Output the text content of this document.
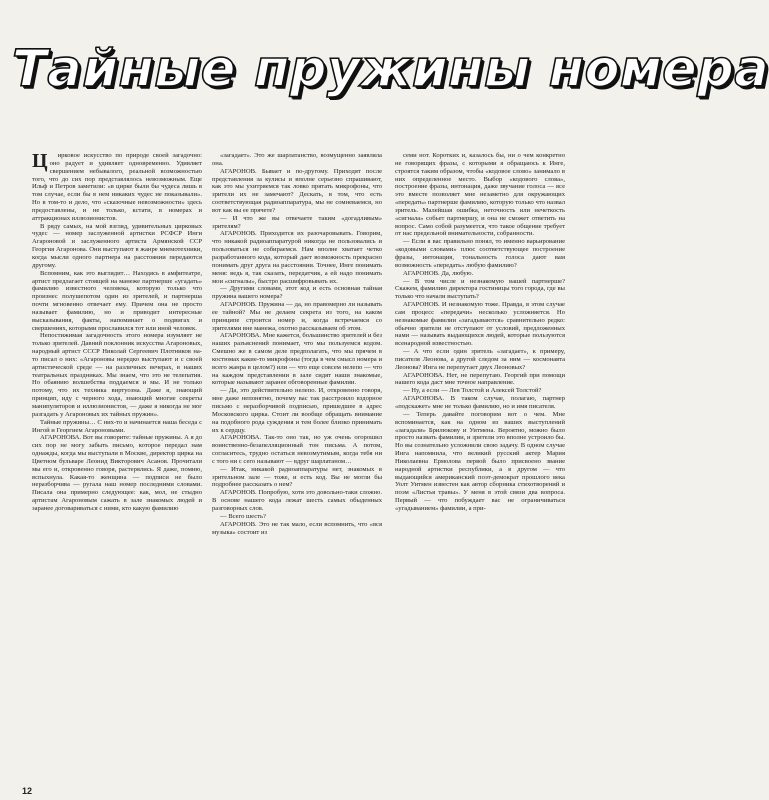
Тайные пружины номера

Ц ирковое искусство по природе своей загадочно: оно радует и удивляет одновременно. Удивляет свершением небывалого, реальной возможностью того, что до сих пор представлялось невозможным. Еще Ильф и Петров заметили: «в цирке были бы чудеса лишь в том случае, если бы в нем никаких чудес не показывали». Но в том-то и дело, что «сказочные невозможности» здесь предоставлены, и не только, кстати, в номерах и аттракционах иллюзионистов.

В ряду самых, на мой взгляд, удивительных цирковых чудес — номер заслуженной артистки РСФСР Инги Агароновой и заслуженного артиста Армянской ССР Георгия Агаронова. Они выступают в жанре мнемотехники, когда мысли одного партнера на расстоянии передаются другому.

Вспомним, как это выглядит… Находясь в амфитеатре, артист предлагает стоящей на манеже партнерше «угадать» фамилию известного человека, которую только что произнес полушепотом один из зрителей, и партнерша почти мгновенно отвечает ему. Причем она не просто называет фамилию, но и приводит интересные высказывания, факты, напоминает о подвигах и свершениях, которыми прославился тот или иной человек.

Непостижимая загадочность этого номера изумляет не только зрителей. Давний поклонник искусства Агароновых, народный артист СССР Николай Сергеевич Плотников на-то писал о них: «Агароновы нередко выступают и с своей артистической среде — на различных вечерах, в наших театральных праздниках. Мы знаем, что это не телепатия. Но обаянию волшебства поддаемся и мы. И не только потому, что их техника виртуозна. Даже я, знающий принцип, иду с черного хода, знающий многие секреты манипуляторов и иллюзионистов, — даже я никогда не мог разгадать у Агароновых их тайных пружин».

Тайные пружины… С них-то и начинается наша беседа с Ингой и Георгием Агароновыми.

АГАРОНОВА. Вот вы говорите: тайные пружины. А я до сих пор не могу забыть письмо, которое передал нам однажды, когда мы выступали в Москве, директор цирка на Цветном бульваре Леонид Викторович Асанов. Прочитали мы его и, откровенно говоря, растерялись. Я даже, помню, вспыхнула. Какая-то женщина — подписи не было неразборчива — ругала наш номер последними словами. Писала она примерно следующее: как, мол, не стыдно артистам Агароновым сажать в зале знакомых людей и заранее договариваться с ними, кто какую фамилию

«загадает». Это же шарлатанство, возмущенно заявляла она.

АГАРОНОВ. Бывает и по-другому. Приходят после представления за кулисы и вполне серьезно спрашивают, как это мы ухитряемся так ловко прятать микрофоны, что зрители их не замечают? Дескать, в том, что есть соответствующая радиоаппаратура, мы не сомневаемся, но вот как вы ее прячете?

— И что же вы отвечаете таким «догадливым» зрителям?

АГАРОНОВ. Приходится их разочаровывать. Говорим, что никакой радиоаппаратурой никогда не пользовались и пользоваться не собираемся. Нам вполне хватает четко разработанного кода, который дает возможность прекрасно понимать друг друга на расстоянии. Точнее, Инге понимать меня: ведь я, так сказать, передатчик, а ей надо понимать мои «сигналы», быстро расшифровывать их.

— Другими словами, этот код и есть основная тайная пружина вашего номера?

АГАРОНОВ. Пружина — да, но правомерно ли называть ее тайной? Мы не делаем секрета из того, на каком принципе строится номер и, когда встречаемся со зрителями вне манежа, охотно рассказываем об этом.

АГАРОНОВА. Мне кажется, большинство зрителей и без наших разъяснений понимает, что мы пользуемся кодом. Смешно же в самом деле предполагать, что мы прячем в костюмах какие-то микрофоны (тогда в чем смысл номера и всего жанра в целом?) или — что еще совсем нелепо — что на каждом представлении в зале сидят наши знакомые, которые называют заранее обговоренные фамилии.

— Да, это действительно нелепо. И, откровенно говоря, мне даже непонятно, почему вас так расстроило вздорное письмо с неразборчивой подписью, пришедшее в адрес Московского цирка. Стоит ли вообще обращать внимание на подобного рода суждения и тем более близко принимать их к сердцу.

АГАРОНОВА. Так-то оно так, но уж очень огорошил воинственно-безапелляционный тон письма. А потом, согласитесь, трудно остаться невозмутимым, когда тебя ни с того ни с сего называют — вдруг шарлатаном…

— Итак, никакой радиоаппаратуры нет, знакомых в зрительном зале — тоже, и есть код. Вы не могли бы подробнее рассказать о нем?

АГАРОНОВ. Попробую, хотя это довольно-таки сложно. В основе нашего кода лежат шесть самых обыденных разговорных слов.

— Всего шесть?

АГАРОНОВ. Это не так мало, если вспомнить, что «вся музыка» состоит из

семи нот. Коротких и, казалось бы, ни о чем конкретно не говорящих фразы, с которыми я обращаюсь к Инге, строятся таким образом, чтобы «кодовое слово» занимало в них определенное место. Выбор «кодового слова», построение фразы, интонация, даже звучание голоса — все это вместе позволяет мне незаметно для окружающих «передать» партнерше фамилию, которую только что назвал зритель. Малейшая ошибка, неточность или нечеткость «сигнала» собьет партнершу, и она не сможет ответить на вопрос. Само собой разумеется, что такое общение требует от нас предельной внимательности, собранности.

— Если я вас правильно понял, то именно варьирование «кодовыми словами» плюс соответствующее построение фразы, интонация, тональность голоса дают вам возможность «передать» любую фамилию?

АГАРОНОВ. Да, любую.

— В том числе и незнакомую вашей партнерше? Скажем, фамилию директора гостиницы того города, где вы только что начали выступать?

АГАРОНОВ. И незнакомую тоже. Правда, в этом случае сам процесс «передачи» несколько усложняется. Но незнакомые фамилии «загадываются» сравнительно редко: обычно зрители не отступают от условий, предложенных нами — называть выдающихся людей, которые пользуются всенародной известностью.

— А что если один зритель «загадает», к примеру, писателя Леонова, а другой следом за ним — космонавта Леонова? Инга не перепутает двух Леоновых?

АГАРОНОВА. Нет, не перепутаю. Георгий при помощи нашего кода даст мне точное направление.

— Ну, а если — Лев Толстой и Алексей Толстой?

АГАРОНОВА. В таком случае, полагаю, партнер «подскажет» мне не только фамилию, но и имя писателя.

— Теперь давайте поговорим вот о чем. Мне вспоминается, как на одном из ваших выступлений «загадали» Брилюкову и Уитмена. Вероятно, можно было просто назвать фамилии, и зрители это вполне устроило бы. Но вы сознательно усложнили свою задачу. В одном случае Инга напомнила, что великий русский актер Мария Николаевна Ермолова первой было присвоено звание народной артистки республики, а в другом — что выдающийся американский поэт-демократ прошлого века Уолт Уитмен известен как автор сборника стихотворений и поэм «Листья травы». У меня в этой связи два вопроса. Первый — что побуждает вас не ограничиваться «угадыванием» фамилии, а при-

12
